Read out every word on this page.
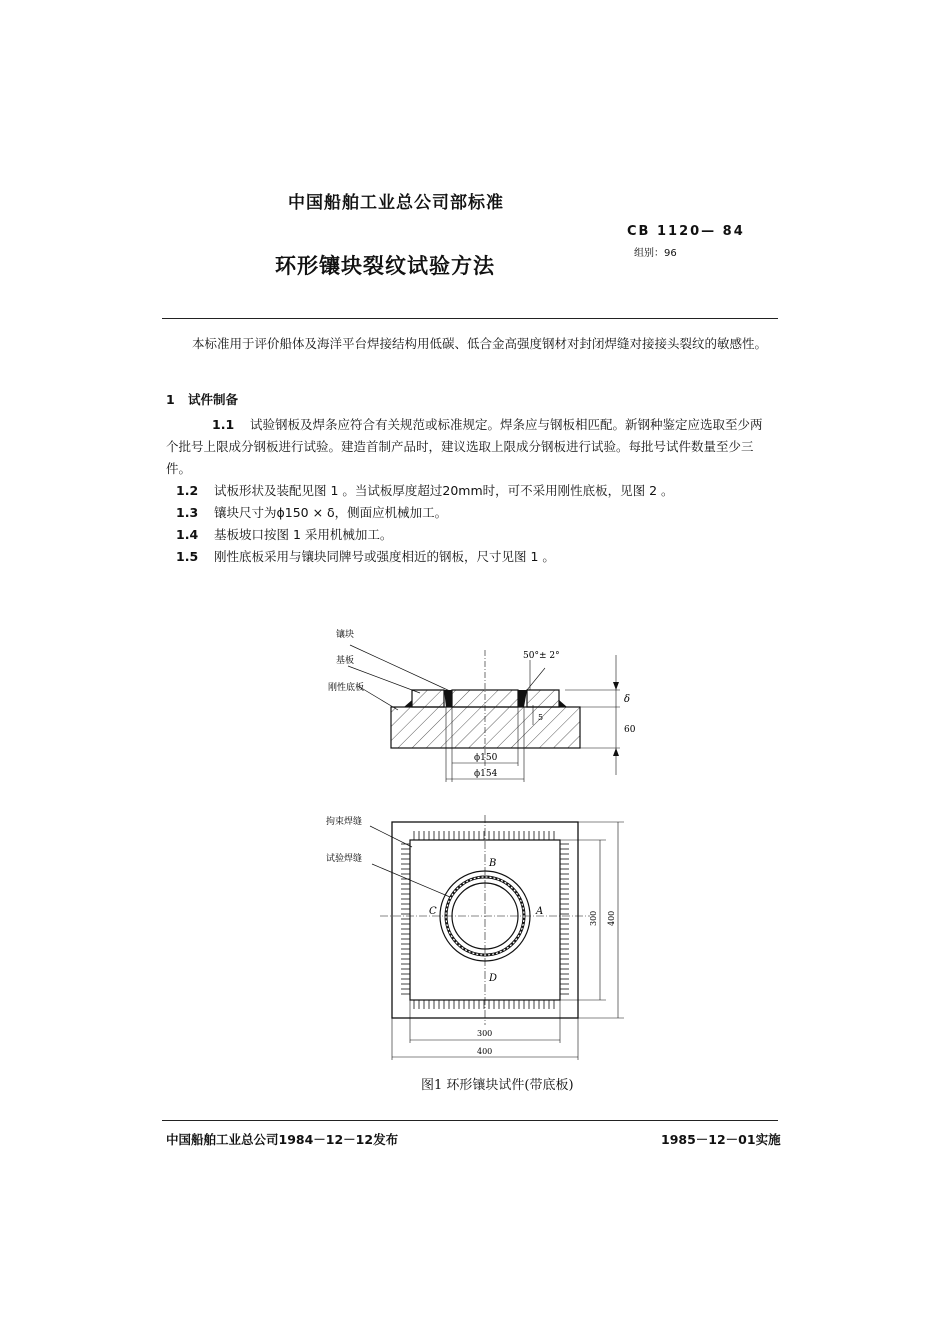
中国船舶工业总公司部标准
CB 1120— 84
组别：96
环形镶块裂纹试验方法
本标准用于评价船体及海洋平台焊接结构用低碳、低合金高强度钢材对封闭焊缝对接接头裂纹的敏感性。
1 试件制备
1.1 试验钢板及焊条应符合有关规范或标准规定。焊条应与钢板相匹配。新钢种鉴定应选取至少两个批号上限成分钢板进行试验。建造首制产品时，建议选取上限成分钢板进行试验。每批号试件数量至少三件。
1.2 试板形状及装配见图 1 。当试板厚度超过20mm时，可不采用刚性底板，见图 2 。
1.3 镶块尺寸为ϕ150 × δ，侧面应机械加工。
1.4 基板坡口按图 1 采用机械加工。
1.5 刚性底板采用与镶块同牌号或强度相近的钢板，尺寸见图 1 。
镶块
基板
刚性底板
50°± 2°
δ
60
5
ϕ150
ϕ154
拘束焊缝
试验焊缝
A
B
C
D
300 400
300
400
图1 环形镶块试件(带底板)
中国船舶工业总公司1984－12－12发布	1985－12－01实施
